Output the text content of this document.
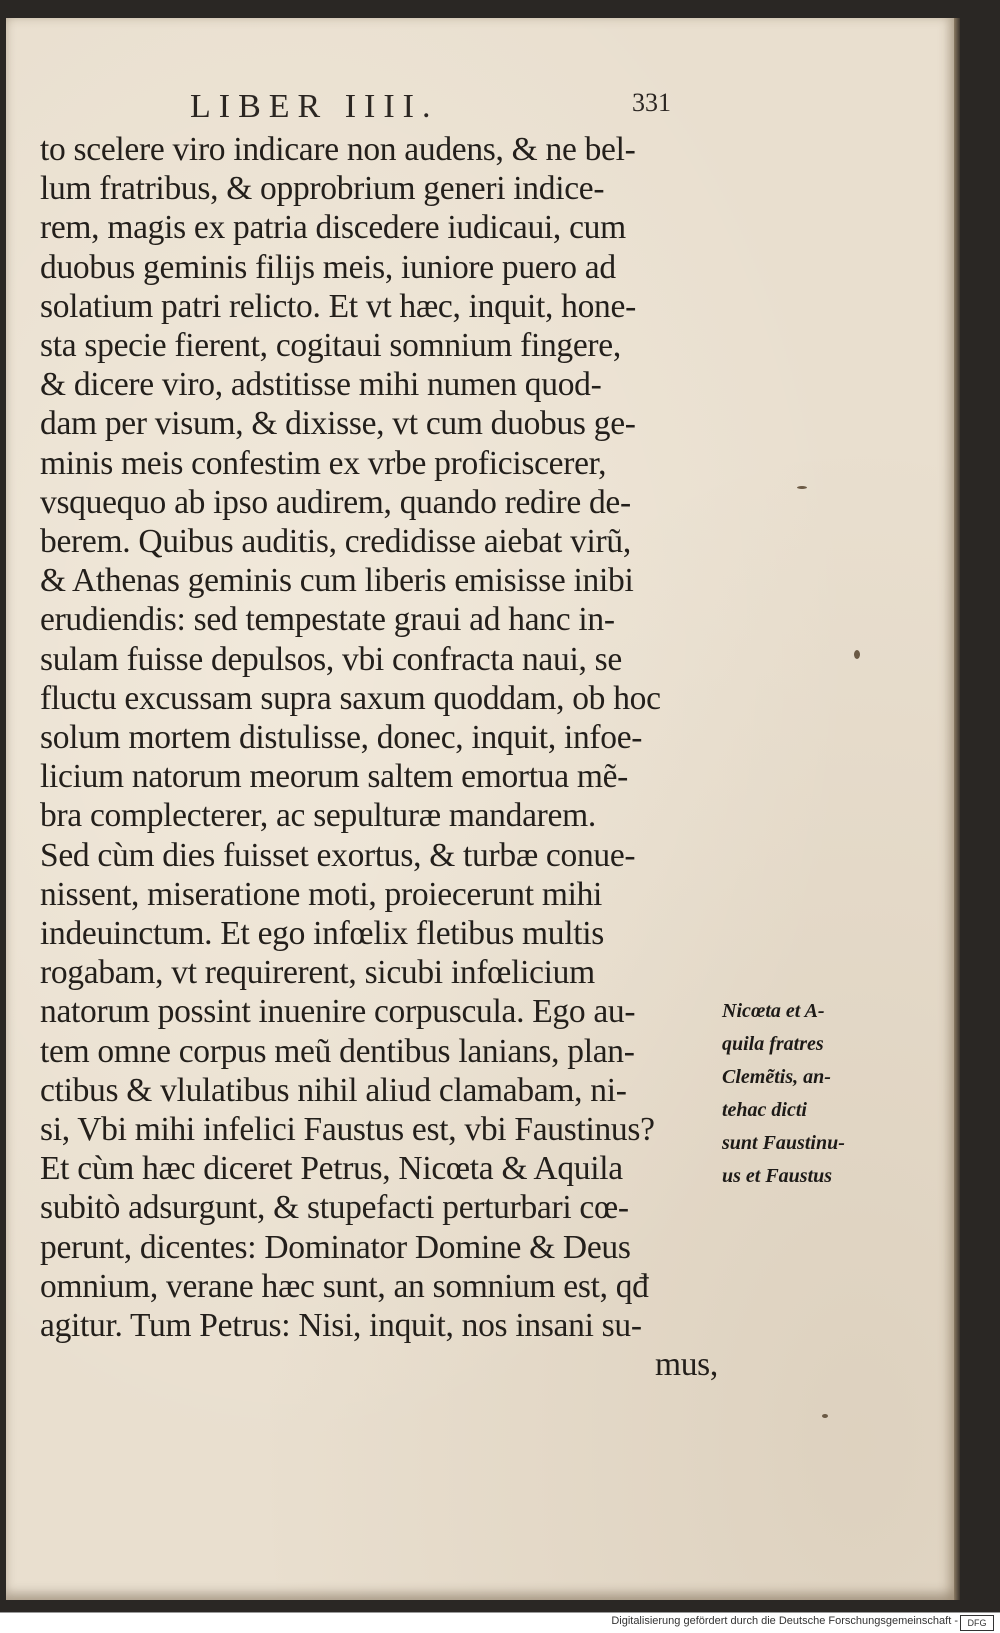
LIBER IIII.	331
to scelere viro indicare non audens, & ne bel-
lum fratribus, & opprobrium generi indice-
rem, magis ex patria discedere iudicaui, cum
duobus geminis filijs meis, iuniore puero ad
solatium patri relicto. Et vt hæc, inquit, hone-
sta specie fierent, cogitaui somnium fingere,
& dicere viro, adstitisse mihi numen quod-
dam per visum, & dixisse, vt cum duobus ge-
minis meis confestim ex vrbe proficiscerer,
vsquequo ab ipso audirem, quando redire de-
berem. Quibus auditis, credidisse aiebat virũ,
& Athenas geminis cum liberis emisisse inibi
erudiendis: sed tempestate graui ad hanc in-
sulam fuisse depulsos, vbi confracta naui, se
fluctu excussam supra saxum quoddam, ob hoc
solum mortem distulisse, donec, inquit, infoe-
licium natorum meorum saltem emortua mẽ-
bra complecterer, ac sepulturæ mandarem.
Sed cùm dies fuisset exortus, & turbæ conue-
nissent, miseratione moti, proiecerunt mihi
indeuinctum. Et ego infœlix fletibus multis
rogabam, vt requirerent, sicubi infœlicium
natorum possint inuenire corpuscula. Ego au-
tem omne corpus meũ dentibus lanians, plan-
ctibus & vlulatibus nihil aliud clamabam, ni-
si, Vbi mihi infelici Faustus est, vbi Faustinus?
Et cùm hæc diceret Petrus, Nicœta & Aquila
subitò adsurgunt, & stupefacti perturbari cœ-
perunt, dicentes: Dominator Domine & Deus
omnium, verane hæc sunt, an somnium est, qđ
agitur. Tum Petrus: Nisi, inquit, nos insani su-
mus,
Nicœta et A-
quila fratres
Clemẽtis, an-
tehac dicti
sunt Faustinu-
us et Faustus
Digitalisierung gefördert durch die Deutsche Forschungsgemeinschaft -	DFG
